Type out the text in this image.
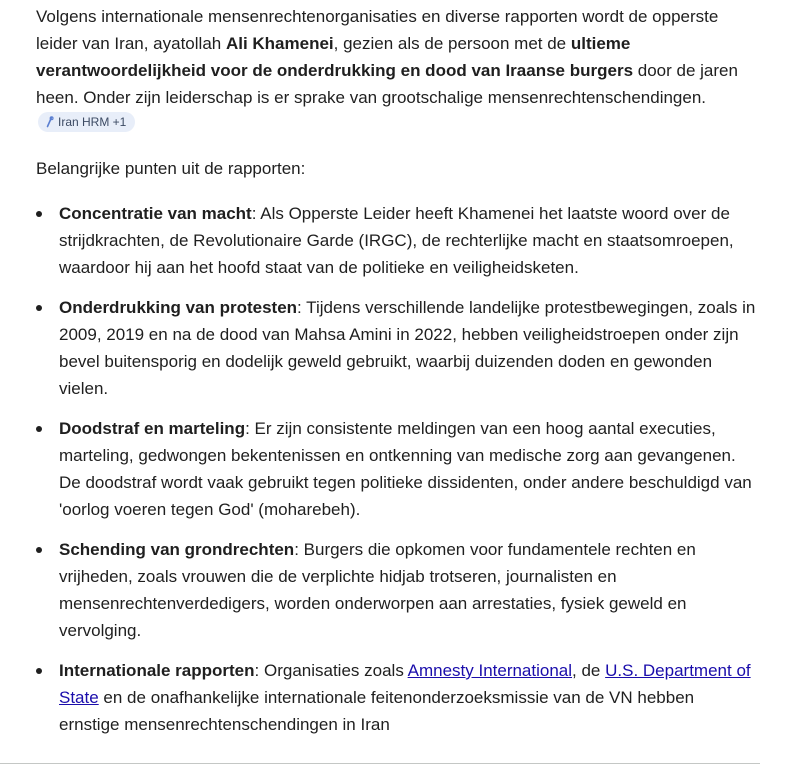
Volgens internationale mensenrechtenorganisaties en diverse rapporten wordt de opperste leider van Iran, ayatollah Ali Khamenei, gezien als de persoon met de ultieme verantwoordelijkheid voor de onderdrukking en dood van Iraanse burgers door de jaren heen. Onder zijn leiderschap is er sprake van grootschalige mensenrechtenschendingen.
Iran HRM +1

Belangrijke punten uit de rapporten:

Concentratie van macht: Als Opperste Leider heeft Khamenei het laatste woord over de strijdkrachten, de Revolutionaire Garde (IRGC), de rechterlijke macht en staatsomroepen, waardoor hij aan het hoofd staat van de politieke en veiligheidsketen.
Onderdrukking van protesten: Tijdens verschillende landelijke protestbewegingen, zoals in 2009, 2019 en na de dood van Mahsa Amini in 2022, hebben veiligheidstroepen onder zijn bevel buitensporig en dodelijk geweld gebruikt, waarbij duizenden doden en gewonden vielen.
Doodstraf en marteling: Er zijn consistente meldingen van een hoog aantal executies, marteling, gedwongen bekentenissen en ontkenning van medische zorg aan gevangenen. De doodstraf wordt vaak gebruikt tegen politieke dissidenten, onder andere beschuldigd van 'oorlog voeren tegen God' (moharebeh).
Schending van grondrechten: Burgers die opkomen voor fundamentele rechten en vrijheden, zoals vrouwen die de verplichte hidjab trotseren, journalisten en mensenrechtenverdedigers, worden onderworpen aan arrestaties, fysiek geweld en vervolging.
Internationale rapporten: Organisaties zoals Amnesty International, de U.S. Department of State en de onafhankelijke internationale feitenonderzoeksmissie van de VN hebben ernstige mensenrechtenschendingen in Iran
